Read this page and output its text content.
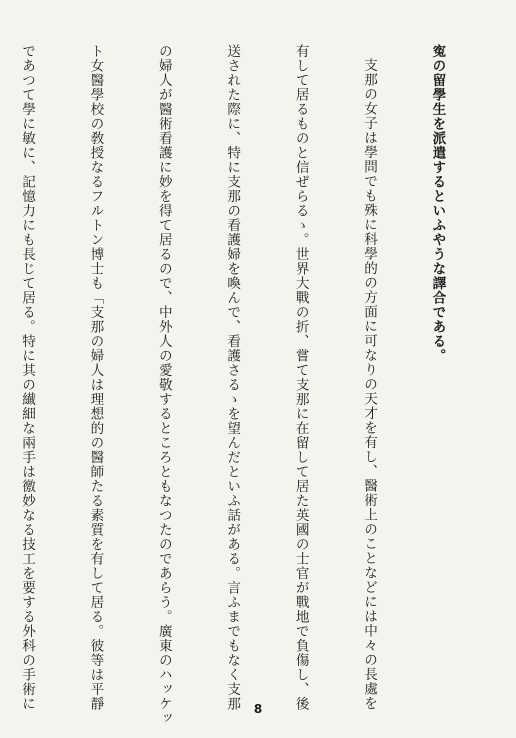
寃の留學生を派遣するといふやうな譯合である。

支那の女子は學問でも殊に科學的の方面に可なりの天才を有し、醫術上のことなどには中々の長處を

有して居るものと信ぜらるゝ。世界大戰の折、嘗て支那に在留して居た英國の士官が戰地で負傷し、後

送された際に、特に支那の看護婦を喚んで、看護さるゝを望んだといふ話がある。言ふまでもなく支那

の婦人が醫術看護に妙を得て居るので、中外人の愛敬するところともなつたのであらう。廣東のハッケッ

ト女醫學校の敎授なるフルトン博士も「支那の婦人は理想的の醫師たる素質を有して居る。彼等は平靜

であつて學に敏に、記憶力にも長じて居る。特に其の纎細な兩手は徼妙なる技工を要する外科の手術に

	8
